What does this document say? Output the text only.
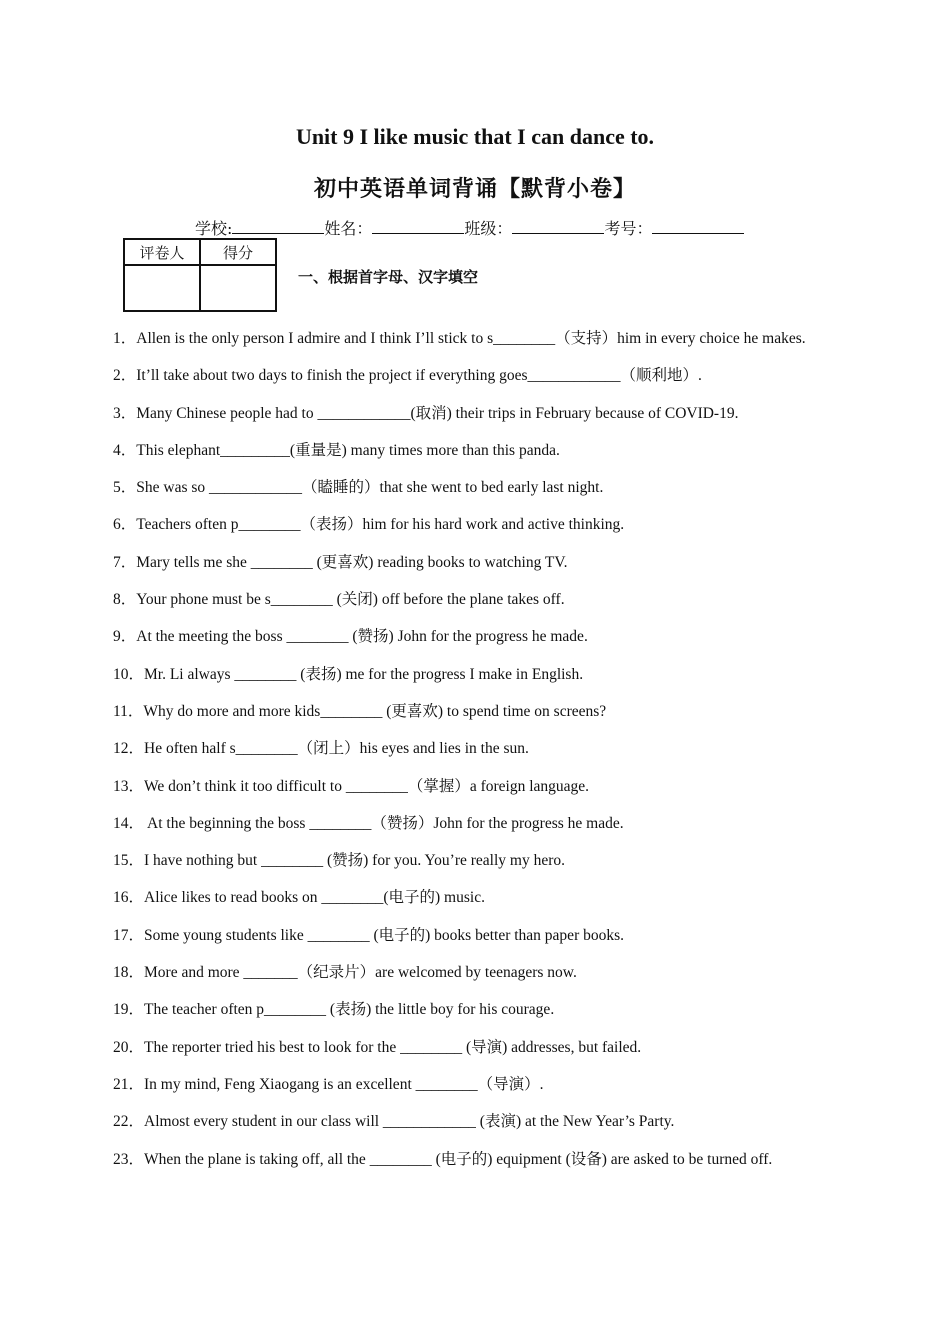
Unit 9 I like music that I can dance to.
初中英语单词背诵【默背小卷】
学校:	姓名：	班级：	考号：
评卷人	得分

一、根据首字母、汉字填空
1．Allen is the only person I admire and I think I’ll stick to s________（支持）him in every choice he makes.
2．It’ll take about two days to finish the project if everything goes____________（顺利地）.
3．Many Chinese people had to ____________(取消) their trips in February because of COVID-19.
4．This elephant_________(重量是) many times more than this panda.
5．She was so ____________（瞌睡的）that she went to bed early last night.
6．Teachers often p________（表扬）him for his hard work and active thinking.
7．Mary tells me she ________ (更喜欢) reading books to watching TV.
8．Your phone must be s________ (关闭) off before the plane takes off.
9．At the meeting the boss ________ (赞扬) John for the progress he made.
10．Mr. Li always ________ (表扬) me for the progress I make in English.
11．Why do more and more kids________ (更喜欢) to spend time on screens?
12．He often half s________（闭上）his eyes and lies in the sun.
13．We don’t think it too difficult to ________（掌握）a foreign language.
14． At the beginning the boss ________（赞扬）John for the progress he made.
15．I have nothing but ________ (赞扬) for you. You’re really my hero.
16．Alice likes to read books on ________(电子的) music.
17．Some young students like ________ (电子的) books better than paper books.
18．More and more _______（纪录片）are welcomed by teenagers now.
19．The teacher often p________ (表扬) the little boy for his courage.
20．The reporter tried his best to look for the ________ (导演) addresses, but failed.
21．In my mind, Feng Xiaogang is an excellent ________（导演）.
22．Almost every student in our class will ____________ (表演) at the New Year’s Party.
23．When the plane is taking off, all the ________ (电子的) equipment (设备) are asked to be turned off.
